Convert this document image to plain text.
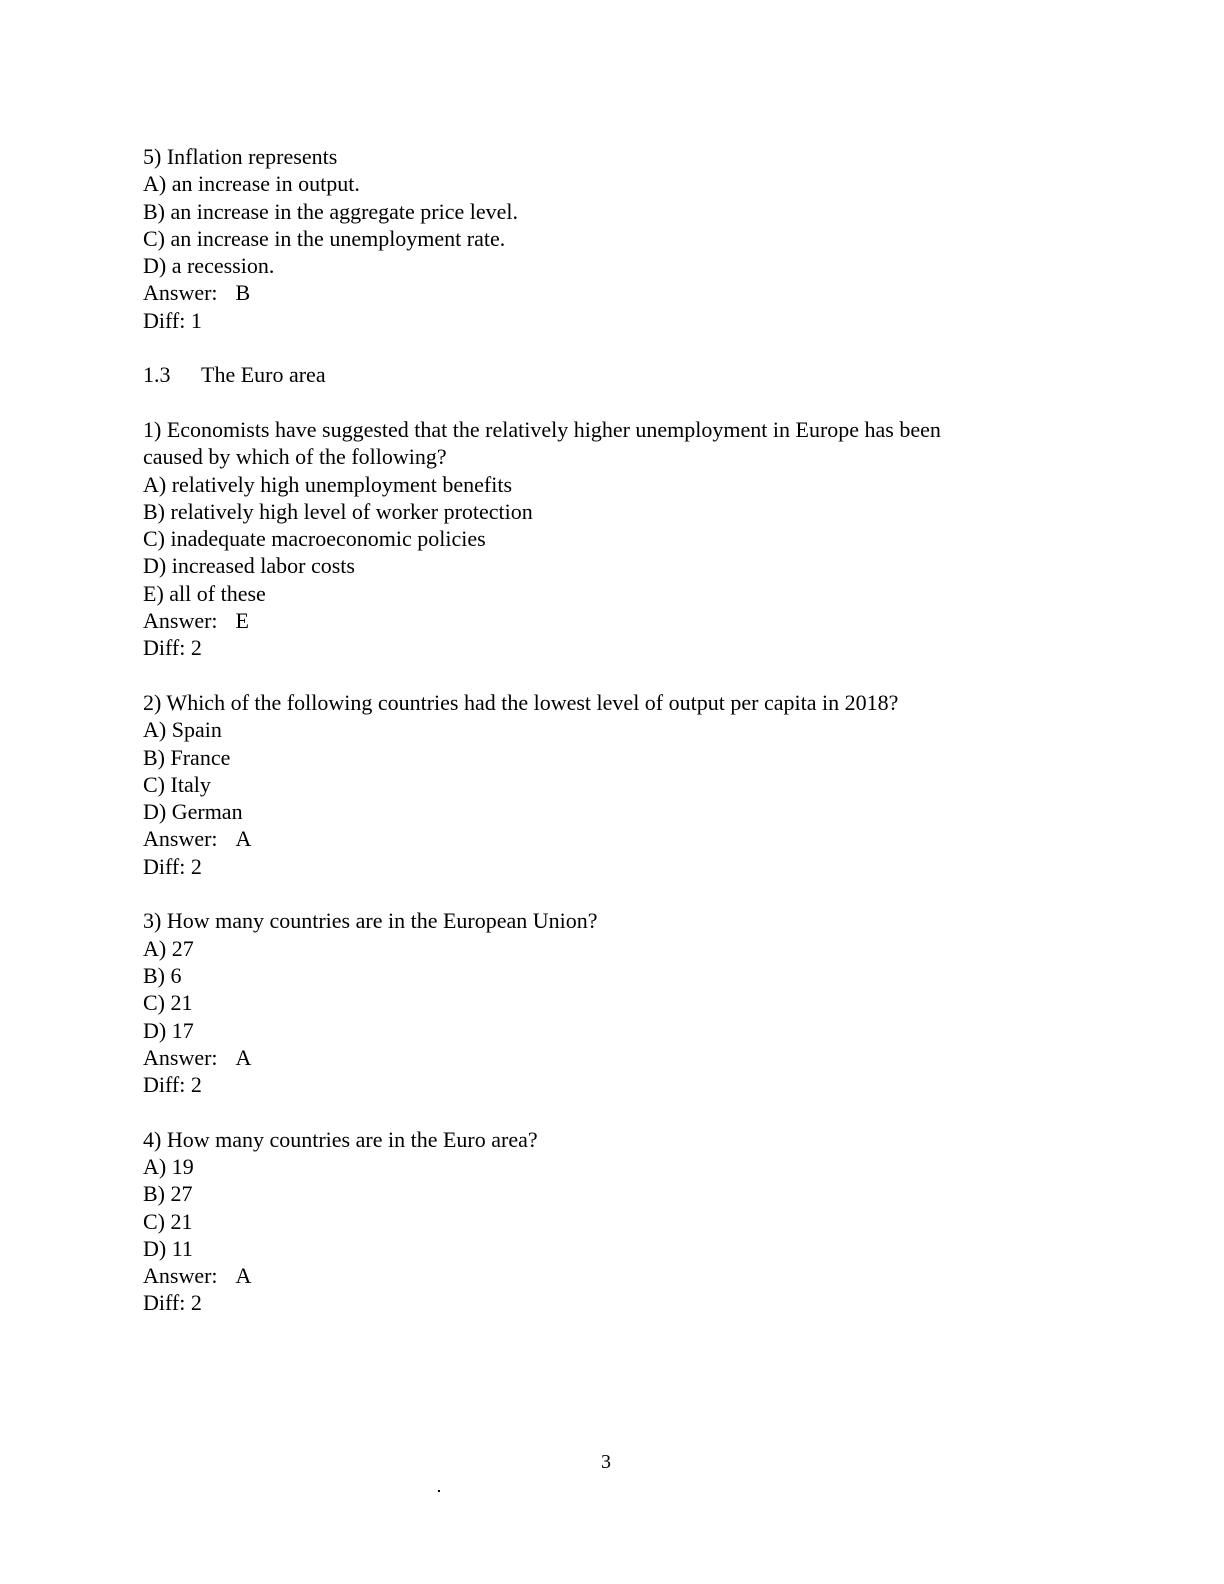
5) Inflation represents

A) an increase in output.

B) an increase in the aggregate price level.

C) an increase in the unemployment rate.

D) a recession.

Answer: B

Diff: 1

1.3 The Euro area

1) Economists have suggested that the relatively higher unemployment in Europe has been

caused by which of the following?

A) relatively high unemployment benefits

B) relatively high level of worker protection

C) inadequate macroeconomic policies

D) increased labor costs

E) all of these

Answer: E

Diff: 2

2) Which of the following countries had the lowest level of output per capita in 2018?

A) Spain

B) France

C) Italy

D) German

Answer: A

Diff: 2

3) How many countries are in the European Union?

A) 27

B) 6

C) 21

D) 17

Answer: A

Diff: 2

4) How many countries are in the Euro area?

A) 19

B) 27

C) 21

D) 11

Answer: A

Diff: 2

3
